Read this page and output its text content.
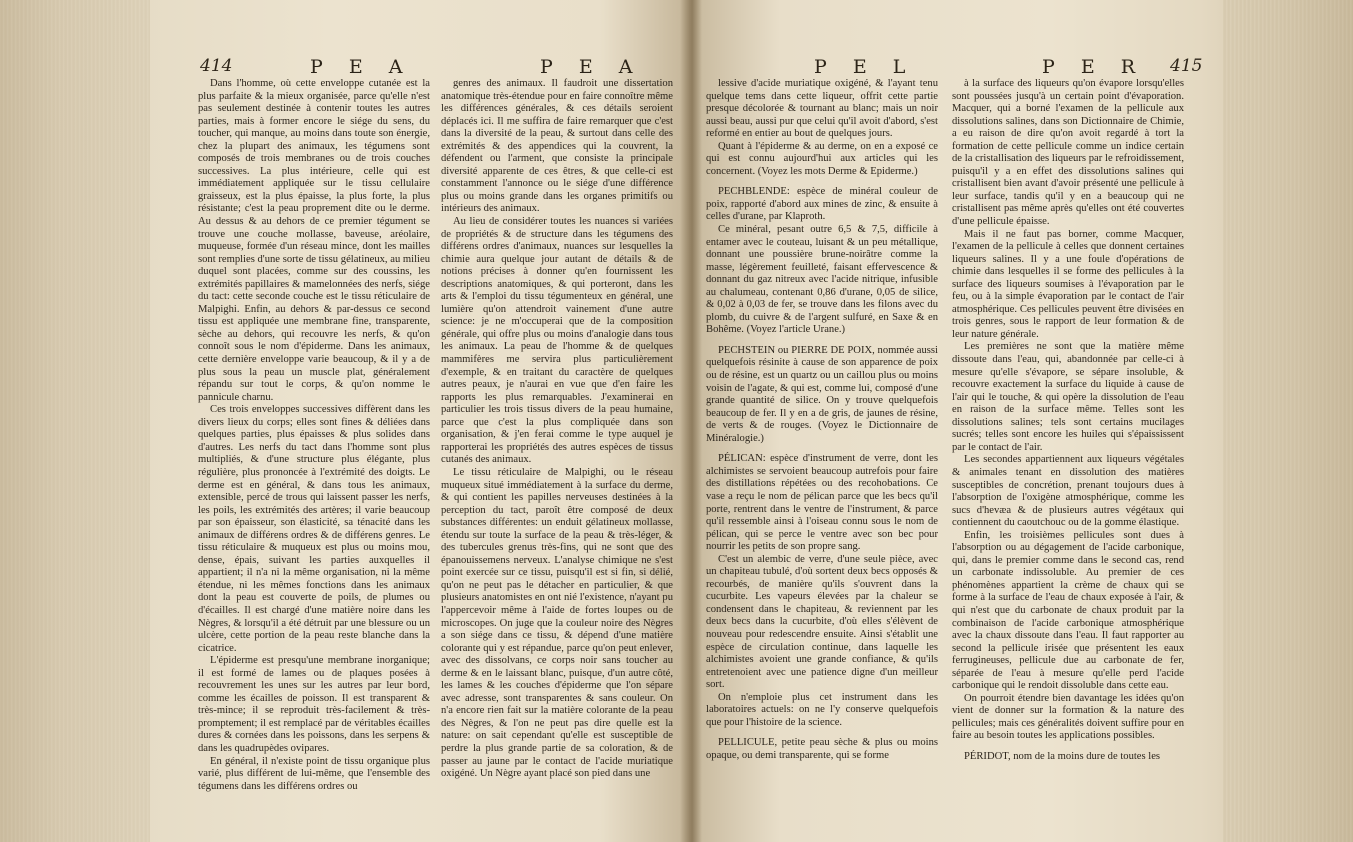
414	P E A	P E A

Dans l'homme, où cette enveloppe cutanée est la plus parfaite & la mieux organisée, parce qu'elle n'est pas seulement destinée à contenir toutes les autres parties, mais à former encore le siége du sens, du toucher, qui manque, au moins dans toute son énergie, chez la plupart des animaux, les tégumens sont composés de trois membranes ou de trois couches successives. La plus intérieure, celle qui est immédiatement appliquée sur le tissu cellulaire graisseux, est la plus épaisse, la plus forte, la plus résistante; c'est la peau proprement dite ou le derme. Au dessus & au dehors de ce premier tégument se trouve une couche mollasse, baveuse, aréolaire, muqueuse, formée d'un réseau mince, dont les mailles sont remplies d'une sorte de tissu gélatineux, au milieu duquel sont placées, comme sur des coussins, les extrémités papillaires & mamelonnées des nerfs, siége du tact: cette seconde couche est le tissu réticulaire de Malpighi. Enfin, au dehors & par-dessus ce second tissu est appliquée une membrane fine, transparente, sèche au dehors, qui recouvre les nerfs, & qu'on connoît sous le nom d'épiderme. Dans les animaux, cette dernière enveloppe varie beaucoup, & il y a de plus sous la peau un muscle plat, généralement répandu sur tout le corps, & qu'on nomme le pannicule charnu.

Ces trois enveloppes successives diffèrent dans les divers lieux du corps; elles sont fines & déliées dans quelques parties, plus épaisses & plus solides dans d'autres. Les nerfs du tact dans l'homme sont plus multipliés, & d'une structure plus élégante, plus régulière, plus prononcée à l'extrémité des doigts. Le derme est en général, & dans tous les animaux, extensible, percé de trous qui laissent passer les nerfs, les poils, les extrémités des artères; il varie beaucoup par son épaisseur, son élasticité, sa ténacité dans les animaux de différens ordres & de différens genres. Le tissu réticulaire & muqueux est plus ou moins mou, dense, épais, suivant les parties auxquelles il appartient; il n'a ni la même organisation, ni la même étendue, ni les mêmes fonctions dans les animaux dont la peau est couverte de poils, de plumes ou d'écailles. Il est chargé d'une matière noire dans les Nègres, & lorsqu'il a été détruit par une blessure ou un ulcère, cette portion de la peau reste blanche dans la cicatrice.

L'épiderme est presqu'une membrane inorganique; il est formé de lames ou de plaques posées à recouvrement les unes sur les autres par leur bord, comme les écailles de poisson. Il est transparent & très-mince; il se reproduit très-facilement & très-promptement; il est remplacé par de véritables écailles dures & cornées dans les poissons, dans les serpens & dans les quadrupèdes ovipares.

En général, il n'existe point de tissu organique plus varié, plus différent de lui-même, que l'ensemble des tégumens dans les différens ordres ou

genres des animaux. Il faudroit une dissertation anatomique très-étendue pour en faire connoître même les différences générales, & ces détails seroient déplacés ici. Il me suffira de faire remarquer que c'est dans la diversité de la peau, & surtout dans celle des extrémités & des appendices qui la couvrent, la défendent ou l'arment, que consiste la principale diversité apparente de ces êtres, & que celle-ci est constamment l'annonce ou le siége d'une différence plus ou moins grande dans les organes primitifs ou intérieurs des animaux.

Au lieu de considérer toutes les nuances si variées de propriétés & de structure dans les tégumens des différens ordres d'animaux, nuances sur lesquelles la chimie aura quelque jour autant de détails & de notions précises à donner qu'en fournissent les descriptions anatomiques, & qui porteront, dans les arts & l'emploi du tissu tégumenteux en général, une lumière qu'on attendroit vainement d'une autre science: je ne m'occuperai que de la composition générale, qui offre plus ou moins d'analogie dans tous les animaux. La peau de l'homme & de quelques mammifères me servira plus particulièrement d'exemple, & en traitant du caractère de quelques autres peaux, je n'aurai en vue que d'en faire les rapports les plus remarquables. J'examinerai en particulier les trois tissus divers de la peau humaine, parce que c'est la plus compliquée dans son organisation, & j'en ferai comme le type auquel je rapporterai les propriétés des autres espèces de tissus cutanés des animaux.

Le tissu réticulaire de Malpighi, ou le réseau muqueux situé immédiatement à la surface du derme, & qui contient les papilles nerveuses destinées à la perception du tact, paroît être composé de deux substances différentes: un enduit gélatineux mollasse, étendu sur toute la surface de la peau & très-léger, & des tubercules grenus très-fins, qui ne sont que des épanouissemens nerveux. L'analyse chimique ne s'est point exercée sur ce tissu, puisqu'il est si fin, si délié, qu'on ne peut pas le détacher en particulier, & que plusieurs anatomistes en ont nié l'existence, n'ayant pu l'appercevoir même à l'aide de fortes loupes ou de microscopes. On juge que la couleur noire des Nègres a son siége dans ce tissu, & dépend d'une matière colorante qui y est répandue, parce qu'on peut enlever, avec des dissolvans, ce corps noir sans toucher au derme & en le laissant blanc, puisque, d'un autre côté, les lames & les couches d'épiderme que l'on sépare avec adresse, sont transparentes & sans couleur. On n'a encore rien fait sur la matière colorante de la peau des Nègres, & l'on ne peut pas dire quelle est la nature: on sait cependant qu'elle est susceptible de perdre la plus grande partie de sa coloration, & de passer au jaune par le contact de l'acide muriatique oxigéné. Un Nègre ayant placé son pied dans une

P E L	P E R 415

lessive d'acide muriatique oxigéné, & l'ayant tenu quelque tems dans cette liqueur, offrit cette partie presque décolorée & tournant au blanc; mais un noir aussi beau, aussi pur que celui qu'il avoit d'abord, s'est reformé en entier au bout de quelques jours.

Quant à l'épiderme & au derme, on en a exposé ce qui est connu aujourd'hui aux articles qui les concernent. (Voyez les mots Derme & Epiderme.)

PECHBLENDE: espèce de minéral couleur de poix, rapporté d'abord aux mines de zinc, & ensuite à celles d'urane, par Klaproth.

Ce minéral, pesant outre 6,5 & 7,5, difficile à entamer avec le couteau, luisant & un peu métallique, donnant une poussière brune-noirâtre comme la masse, légèrement feuilleté, faisant effervescence & donnant du gaz nitreux avec l'acide nitrique, infusible au chalumeau, contenant 0,86 d'urane, 0,05 de silice, & 0,02 à 0,03 de fer, se trouve dans les filons avec du plomb, du cuivre & de l'argent sulfuré, en Saxe & en Bohême. (Voyez l'article Urane.)

PECHSTEIN ou PIERRE DE POIX, nommée aussi quelquefois résinite à cause de son apparence de poix ou de résine, est un quartz ou un caillou plus ou moins voisin de l'agate, & qui est, comme lui, composé d'une grande quantité de silice. On y trouve quelquefois beaucoup de fer. Il y en a de gris, de jaunes de résine, de verts & de rouges. (Voyez le Dictionnaire de Minéralogie.)

PÉLICAN: espèce d'instrument de verre, dont les alchimistes se servoient beaucoup autrefois pour faire des distillations répétées ou des recohobations. Ce vase a reçu le nom de pélican parce que les becs qu'il porte, rentrent dans le ventre de l'instrument, & parce qu'il ressemble ainsi à l'oiseau connu sous le nom de pélican, qui se perce le ventre avec son bec pour nourrir les petits de son propre sang.

C'est un alembic de verre, d'une seule pièce, avec un chapiteau tubulé, d'où sortent deux becs opposés & recourbés, de manière qu'ils s'ouvrent dans la cucurbite. Les vapeurs élevées par la chaleur se condensent dans le chapiteau, & reviennent par les deux becs dans la cucurbite, d'où elles s'élèvent de nouveau pour redescendre ensuite. Ainsi s'établit une espèce de circulation continue, dans laquelle les alchimistes avoient une grande confiance, & qu'ils entretenoient avec une patience digne d'un meilleur sort.

On n'emploie plus cet instrument dans les laboratoires actuels: on ne l'y conserve quelquefois que pour l'histoire de la science.

PELLICULE, petite peau sèche & plus ou moins opaque, ou demi transparente, qui se forme

à la surface des liqueurs qu'on évapore lorsqu'elles sont poussées jusqu'à un certain point d'évaporation. Macquer, qui a borné l'examen de la pellicule aux dissolutions salines, dans son Dictionnaire de Chimie, a eu raison de dire qu'on avoit regardé à tort la formation de cette pellicule comme un indice certain de la cristallisation des liqueurs par le refroidissement, puisqu'il y a en effet des dissolutions salines qui cristallisent bien avant d'avoir présenté une pellicule à leur surface, tandis qu'il y en a beaucoup qui ne cristallisent pas même après qu'elles ont été couvertes d'une pellicule épaisse.

Mais il ne faut pas borner, comme Macquer, l'examen de la pellicule à celles que donnent certaines liqueurs salines. Il y a une foule d'opérations de chimie dans lesquelles il se forme des pellicules à la surface des liqueurs soumises à l'évaporation par le feu, ou à la simple évaporation par le contact de l'air atmosphérique. Ces pellicules peuvent être divisées en trois genres, sous le rapport de leur formation & de leur nature générale.

Les premières ne sont que la matière même dissoute dans l'eau, qui, abandonnée par celle-ci à mesure qu'elle s'évapore, se sépare insoluble, & recouvre exactement la surface du liquide à cause de l'air qui le touche, & qui opère la dissolution de l'eau en raison de la surface même. Telles sont les dissolutions salines; tels sont certains mucilages sucrés; telles sont encore les huiles qui s'épaississent par le contact de l'air.

Les secondes appartiennent aux liqueurs végétales & animales tenant en dissolution des matières susceptibles de concrétion, prenant toujours dues à l'absorption de l'oxigène atmosphérique, comme les sucs d'hevæa & de plusieurs autres végétaux qui contiennent du caoutchouc ou de la gomme élastique.

Enfin, les troisièmes pellicules sont dues à l'absorption ou au dégagement de l'acide carbonique, qui, dans le premier comme dans le second cas, rend un carbonate indissoluble. Au premier de ces phénomènes appartient la crème de chaux qui se forme à la surface de l'eau de chaux exposée à l'air, & qui n'est que du carbonate de chaux produit par la combinaison de l'acide carbonique atmosphérique avec la chaux dissoute dans l'eau. Il faut rapporter au second la pellicule irisée que présentent les eaux ferrugineuses, pellicule due au carbonate de fer, séparée de l'eau à mesure qu'elle perd l'acide carbonique qui le rendoit dissoluble dans cette eau.

On pourroit étendre bien davantage les idées qu'on vient de donner sur la formation & la nature des pellicules; mais ces généralités doivent suffire pour en faire au besoin toutes les applications possibles.

PÉRIDOT, nom de la moins dure de toutes les
